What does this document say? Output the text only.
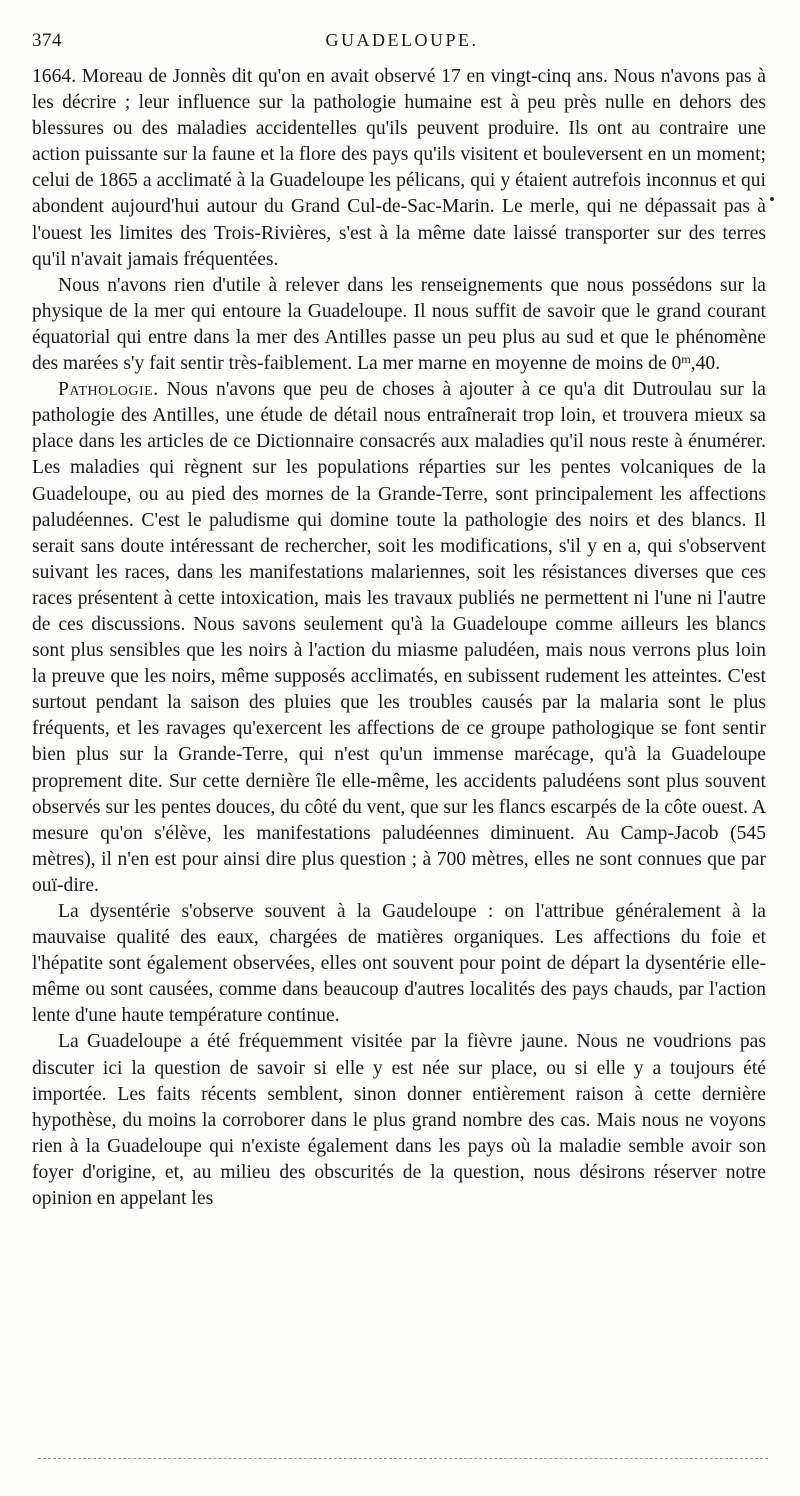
374	GUADELOUPE.

1664. Moreau de Jonnès dit qu'on en avait observé 17 en vingt-cinq ans. Nous n'avons pas à les décrire ; leur influence sur la pathologie humaine est à peu près nulle en dehors des blessures ou des maladies accidentelles qu'ils peuvent produire. Ils ont au contraire une action puissante sur la faune et la flore des pays qu'ils visitent et bouleversent en un moment; celui de 1865 a acclimaté à la Guadeloupe les pélicans, qui y étaient autrefois inconnus et qui abondent aujourd'hui autour du Grand Cul-de-Sac-Marin. Le merle, qui ne dépassait pas à l'ouest les limites des Trois-Rivières, s'est à la même date laissé transporter sur des terres qu'il n'avait jamais fréquentées.

Nous n'avons rien d'utile à relever dans les renseignements que nous possédons sur la physique de la mer qui entoure la Guadeloupe. Il nous suffit de savoir que le grand courant équatorial qui entre dans la mer des Antilles passe un peu plus au sud et que le phénomène des marées s'y fait sentir très-faiblement. La mer marne en moyenne de moins de 0$^m$,40.

Pathologie. Nous n'avons que peu de choses à ajouter à ce qu'a dit Dutroulau sur la pathologie des Antilles, une étude de détail nous entraînerait trop loin, et trouvera mieux sa place dans les articles de ce Dictionnaire consacrés aux maladies qu'il nous reste à énumérer. Les maladies qui règnent sur les populations réparties sur les pentes volcaniques de la Guadeloupe, ou au pied des mornes de la Grande-Terre, sont principalement les affections paludéennes. C'est le paludisme qui domine toute la pathologie des noirs et des blancs. Il serait sans doute intéressant de rechercher, soit les modifications, s'il y en a, qui s'observent suivant les races, dans les manifestations malariennes, soit les résistances diverses que ces races présentent à cette intoxication, mais les travaux publiés ne permettent ni l'une ni l'autre de ces discussions. Nous savons seulement qu'à la Guadeloupe comme ailleurs les blancs sont plus sensibles que les noirs à l'action du miasme paludéen, mais nous verrons plus loin la preuve que les noirs, même supposés acclimatés, en subissent rudement les atteintes. C'est surtout pendant la saison des pluies que les troubles causés par la malaria sont le plus fréquents, et les ravages qu'exercent les affections de ce groupe pathologique se font sentir bien plus sur la Grande-Terre, qui n'est qu'un immense marécage, qu'à la Guadeloupe proprement dite. Sur cette dernière île elle-même, les accidents paludéens sont plus souvent observés sur les pentes douces, du côté du vent, que sur les flancs escarpés de la côte ouest. A mesure qu'on s'élève, les manifestations paludéennes diminuent. Au Camp-Jacob (545 mètres), il n'en est pour ainsi dire plus question ; à 700 mètres, elles ne sont connues que par ouï-dire.

La dysentérie s'observe souvent à la Gaudeloupe : on l'attribue généralement à la mauvaise qualité des eaux, chargées de matières organiques. Les affections du foie et l'hépatite sont également observées, elles ont souvent pour point de départ la dysentérie elle-même ou sont causées, comme dans beaucoup d'autres localités des pays chauds, par l'action lente d'une haute température continue.

La Guadeloupe a été fréquemment visitée par la fièvre jaune. Nous ne voudrions pas discuter ici la question de savoir si elle y est née sur place, ou si elle y a toujours été importée. Les faits récents semblent, sinon donner entièrement raison à cette dernière hypothèse, du moins la corroborer dans le plus grand nombre des cas. Mais nous ne voyons rien à la Guadeloupe qui n'existe également dans les pays où la maladie semble avoir son foyer d'origine, et, au milieu des obscurités de la question, nous désirons réserver notre opinion en appelant les
